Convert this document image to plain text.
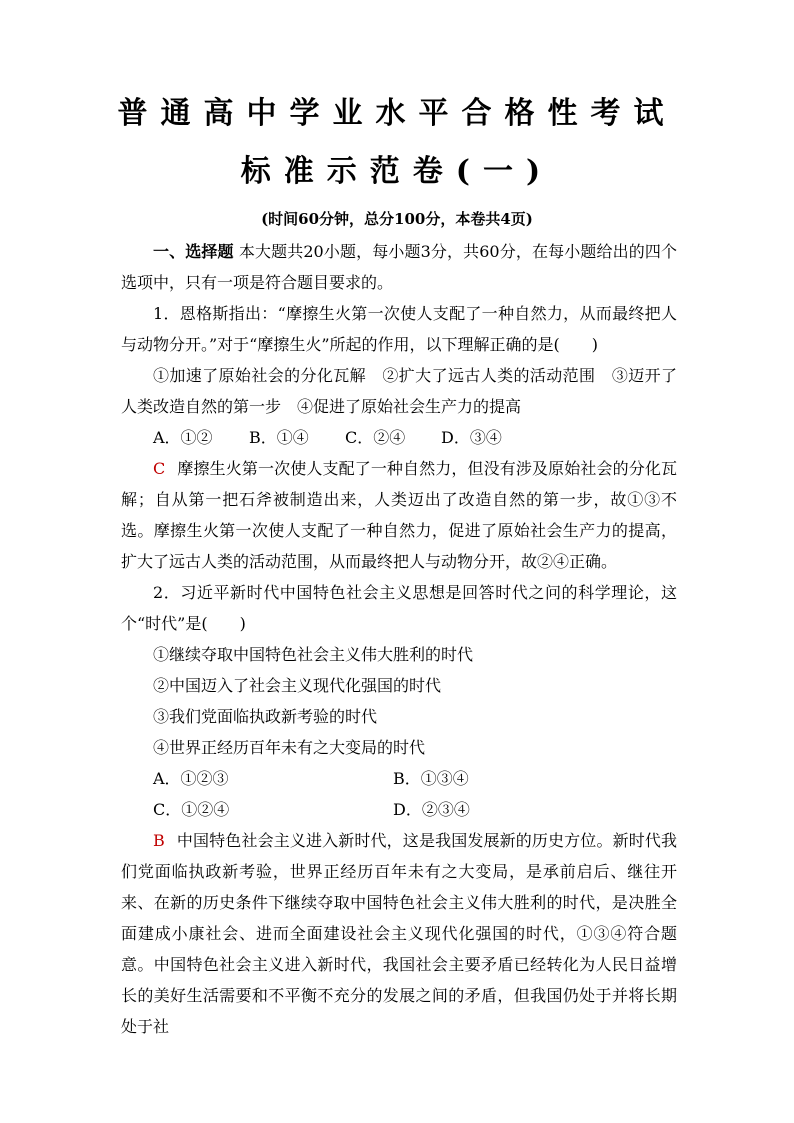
普通高中学业水平合格性考试
标准示范卷(一)
(时间60分钟，总分100分，本卷共4页)

一、选择题 本大题共20小题，每小题3分，共60分，在每小题给出的四个选项中，只有一项是符合题目要求的。

1．恩格斯指出：“摩擦生火第一次使人支配了一种自然力，从而最终把人与动物分开。”对于“摩擦生火”所起的作用，以下理解正确的是(　　)

①加速了原始社会的分化瓦解　②扩大了远古人类的活动范围　③迈开了人类改造自然的第一步　④促进了原始社会生产力的提高

A．①② B．①④ C．②④ D．③④

C 摩擦生火第一次使人支配了一种自然力，但没有涉及原始社会的分化瓦解；自从第一把石斧被制造出来，人类迈出了改造自然的第一步，故①③不选。摩擦生火第一次使人支配了一种自然力，促进了原始社会生产力的提高，扩大了远古人类的活动范围，从而最终把人与动物分开，故②④正确。

2．习近平新时代中国特色社会主义思想是回答时代之问的科学理论，这个“时代”是(　　)

①继续夺取中国特色社会主义伟大胜利的时代

②中国迈入了社会主义现代化强国的时代

③我们党面临执政新考验的时代

④世界正经历百年未有之大变局的时代

A．①②③	B．①③④
C．①②④	D．②③④

B 中国特色社会主义进入新时代，这是我国发展新的历史方位。新时代我们党面临执政新考验，世界正经历百年未有之大变局，是承前启后、继往开来、在新的历史条件下继续夺取中国特色社会主义伟大胜利的时代，是决胜全面建成小康社会、进而全面建设社会主义现代化强国的时代，①③④符合题意。中国特色社会主义进入新时代，我国社会主要矛盾已经转化为人民日益增长的美好生活需要和不平衡不充分的发展之间的矛盾，但我国仍处于并将长期处于社
